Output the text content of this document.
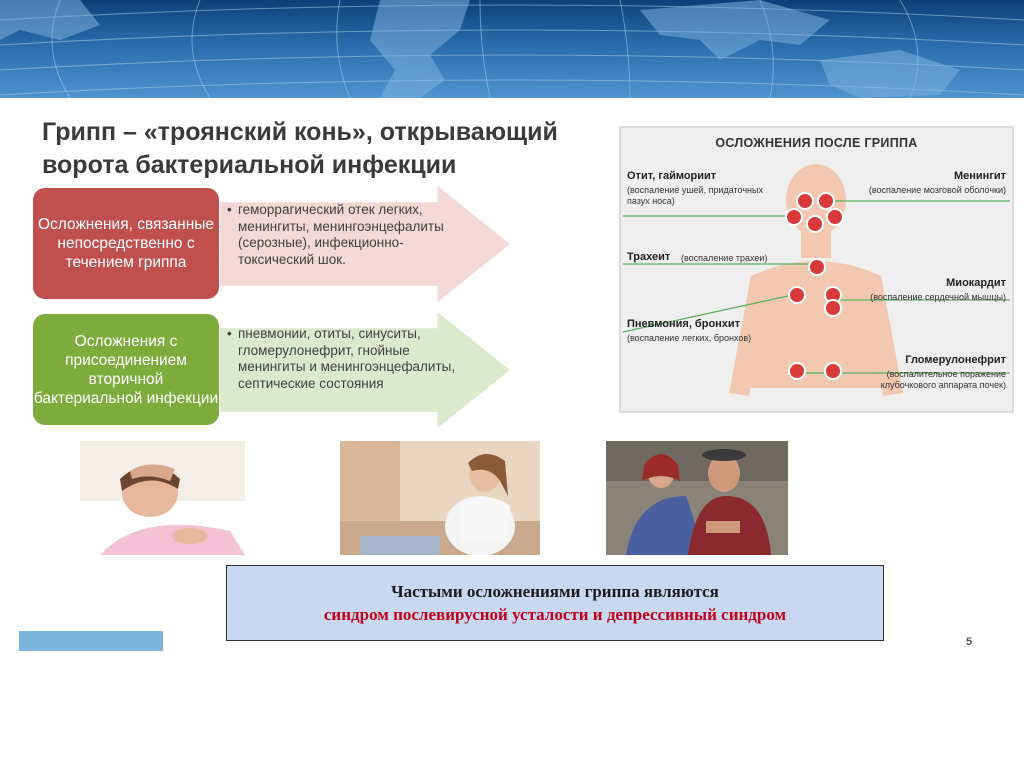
Грипп – «троянский конь», открывающий
ворота бактериальной инфекции
Осложнения, связанные непосредственно с течением гриппа
Осложнения с присоединением вторичной бактериальной инфекции
• геморрагический отек легких, менингиты, менингоэнцефалиты (серозные), инфекционно-токсический шок.
• пневмонии, отиты, синуситы, гломерулонефрит, гнойные менингиты и менингоэнцефалиты, септические состояния
ОСЛОЖНЕНИЯ ПОСЛЕ ГРИППА
Отит, гаймориит
(воспаление ушей, придаточных пазух носа)
Менингит
(воспаление мозговой оболочки)
Трахеит (воспаление трахеи)
Миокардит
(воспаление сердечной мышцы)
Пневмония, бронхит
(воспаление легких, бронхов)
Гломерулонефрит
(воспалительное поражение клубочкового аппарата почек)
Частыми осложнениями гриппа являются
синдром послевирусной усталости и депрессивный синдром
5
